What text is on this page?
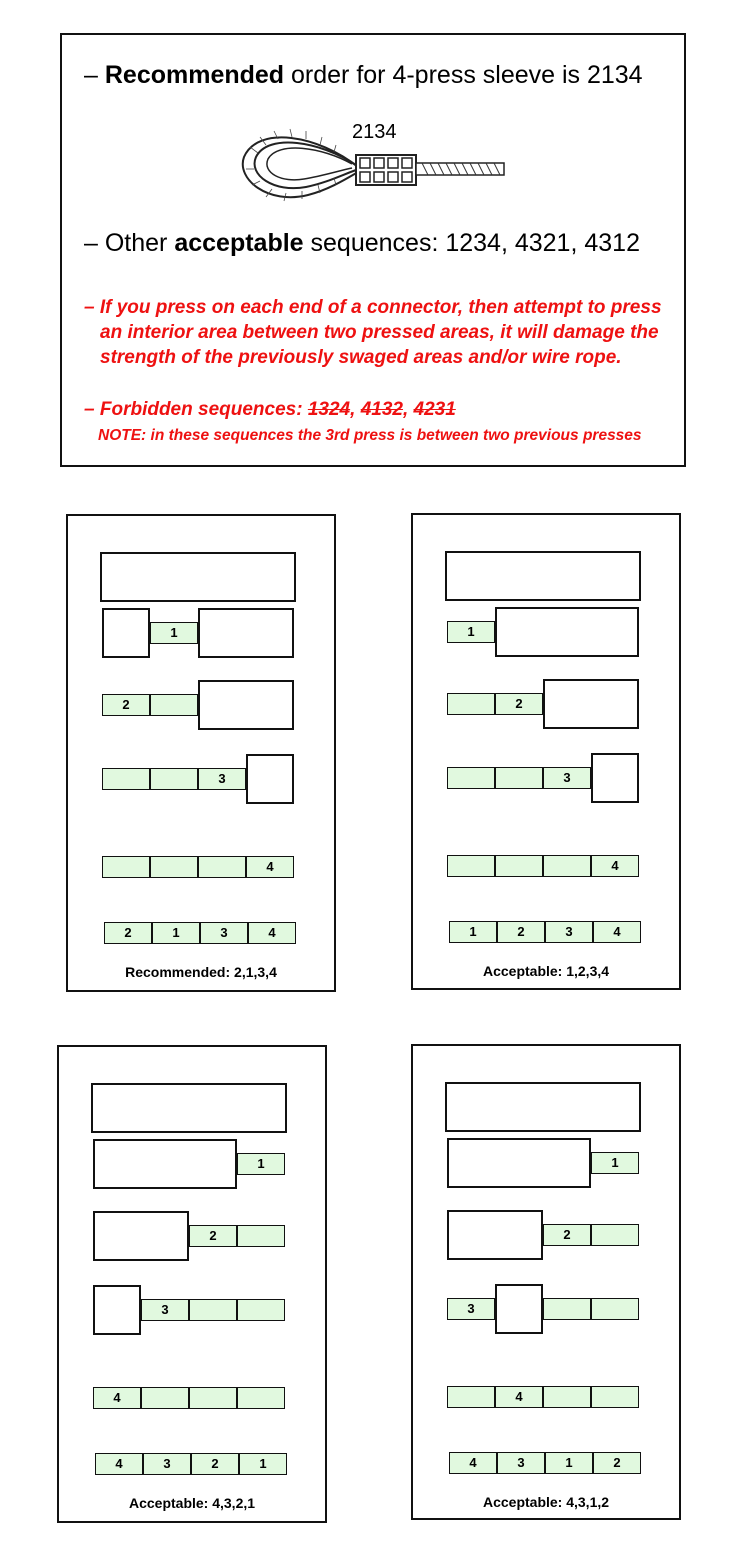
– Recommended order for 4-press sleeve is 2134
2134
– Other acceptable sequences: 1234, 4321, 4312
– If you press on each end of a connector, then attempt to press
an interior area between two pressed areas, it will damage the
strength of the previously swaged areas and/or wire rope.
– Forbidden sequences: 1324, 4132, 4231
NOTE: in these sequences the 3rd press is between two previous presses
1
2
3
4
2	1	3	4
Recommended: 2,1,3,4
1
2
3
4
1	2	3	4
Acceptable: 1,2,3,4
1
2
3
4
4	3	2	1
Acceptable: 4,3,2,1
1
2
3
4
4	3	1	2
Acceptable: 4,3,1,2
